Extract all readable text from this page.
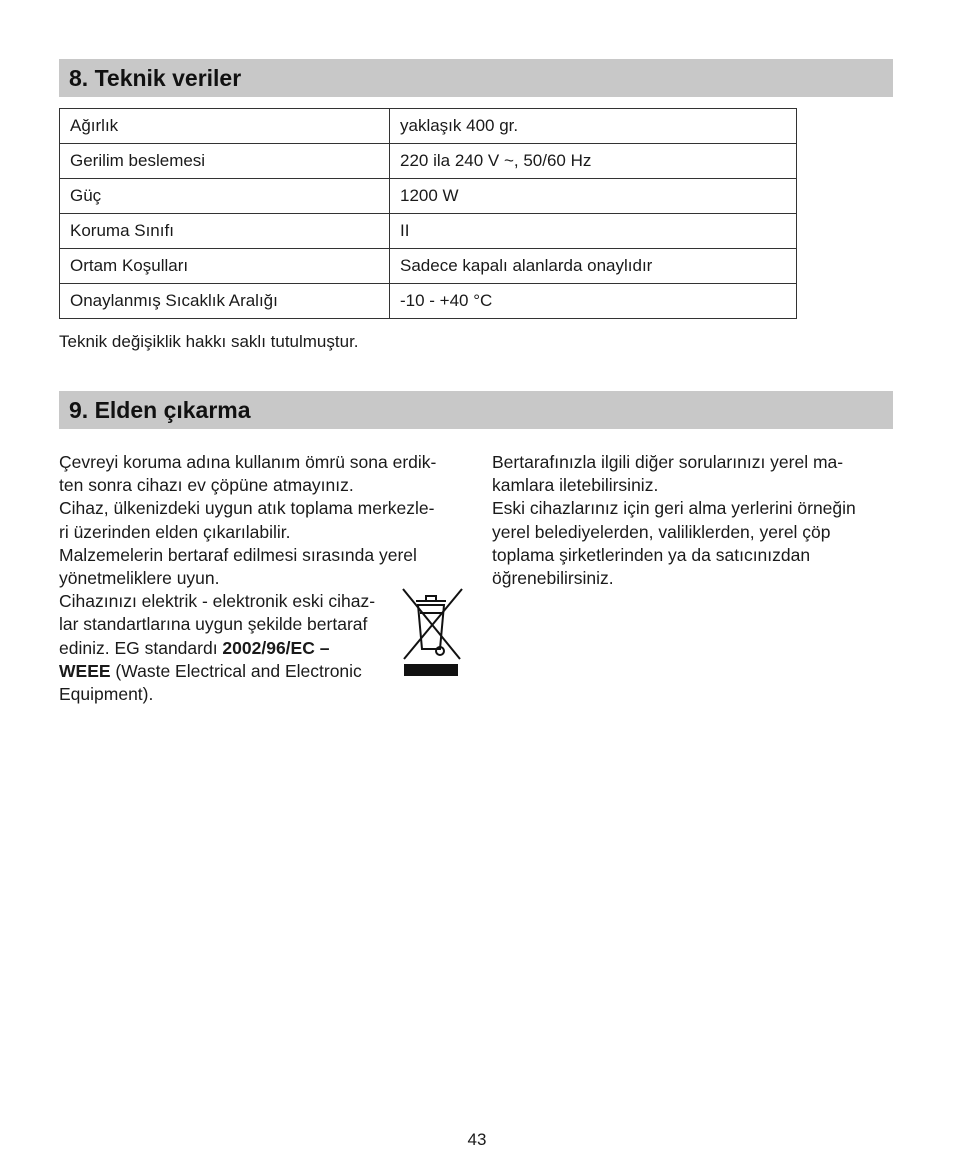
8. Teknik veriler
Ağırlık	yaklaşık 400 gr.
Gerilim beslemesi	220 ila 240 V ~, 50/60 Hz
Güç	1200 W
Koruma Sınıfı	II
Ortam Koşulları	Sadece kapalı alanlarda onaylıdır
Onaylanmış Sıcaklık Aralığı	-10 - +40 °C
Teknik değişiklik hakkı saklı tutulmuştur.
9. Elden çıkarma

Çevreyi koruma adına kullanım ömrü sona erdik-

ten sonra cihazı ev çöpüne atmayınız.

Cihaz, ülkenizdeki uygun atık toplama merkezle-

ri üzerinden elden çıkarılabilir.

Malzemelerin bertaraf edilmesi sırasında yerel

yönetmeliklere uyun.

Cihazınızı elektrik - elektronik eski cihaz-

lar standartlarına uygun şekilde bertaraf

ediniz. EG standardı 2002/96/EC –

WEEE (Waste Electrical and Electronic

Equipment).

Bertarafınızla ilgili diğer sorularınızı yerel ma-

kamlara iletebilirsiniz.

Eski cihazlarınız için geri alma yerlerini örneğin

yerel belediyelerden, valiliklerden, yerel çöp

toplama şirketlerinden ya da satıcınızdan

öğrenebilirsiniz.

43
